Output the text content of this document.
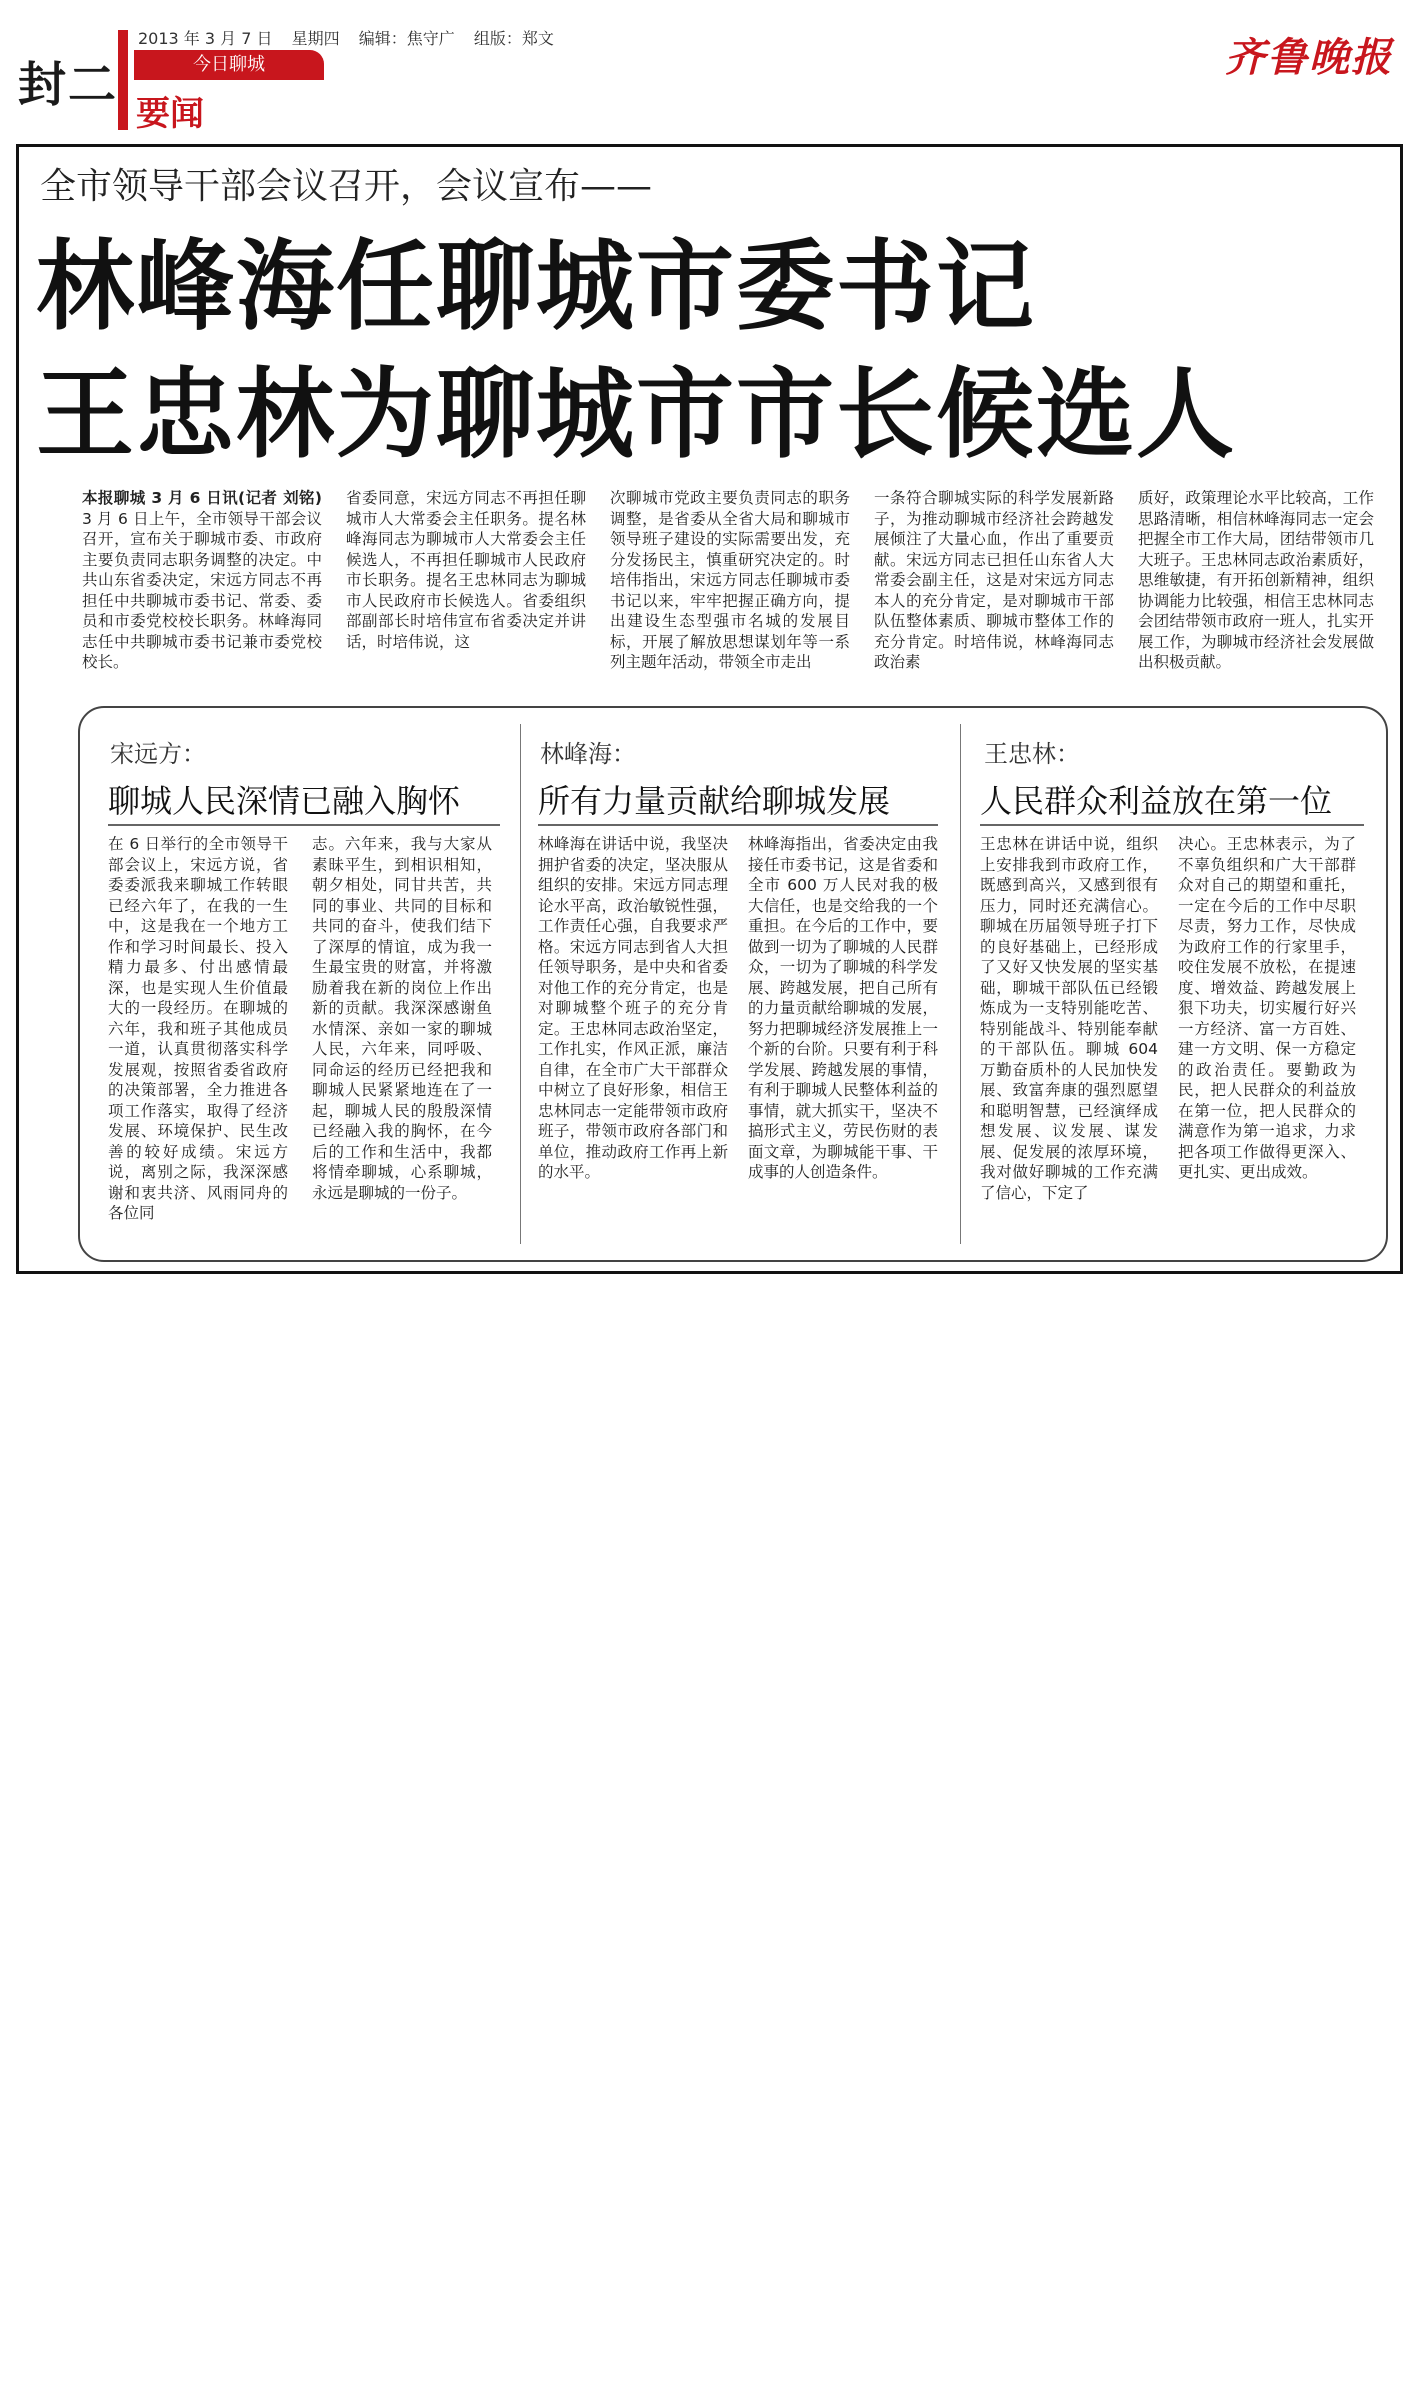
封二
2013 年 3 月 7 日 星期四 编辑：焦守广 组版：郑文
今日聊城
要闻
齐鲁晚报
全市领导干部会议召开，会议宣布——
林峰海任聊城市委书记
王忠林为聊城市市长候选人
本报聊城 3 月 6 日讯(记者 刘铭) 3 月 6 日上午，全市领导干部会议召开，宣布关于聊城市委、市政府主要负责同志职务调整的决定。中共山东省委决定，宋远方同志不再担任中共聊城市委书记、常委、委员和市委党校校长职务。林峰海同志任中共聊城市委书记兼市委党校校长。
省委同意，宋远方同志不再担任聊城市人大常委会主任职务。提名林峰海同志为聊城市人大常委会主任候选人，不再担任聊城市人民政府市长职务。提名王忠林同志为聊城市人民政府市长候选人。省委组织部副部长时培伟宣布省委决定并讲话，时培伟说，这
次聊城市党政主要负责同志的职务调整，是省委从全省大局和聊城市领导班子建设的实际需要出发，充分发扬民主，慎重研究决定的。时培伟指出，宋远方同志任聊城市委书记以来，牢牢把握正确方向，提出建设生态型强市名城的发展目标，开展了解放思想谋划年等一系列主题年活动，带领全市走出
一条符合聊城实际的科学发展新路子，为推动聊城市经济社会跨越发展倾注了大量心血，作出了重要贡献。宋远方同志已担任山东省人大常委会副主任，这是对宋远方同志本人的充分肯定，是对聊城市干部队伍整体素质、聊城市整体工作的充分肯定。时培伟说，林峰海同志政治素
质好，政策理论水平比较高，工作思路清晰，相信林峰海同志一定会把握全市工作大局，团结带领市几大班子。王忠林同志政治素质好，思维敏捷，有开拓创新精神，组织协调能力比较强，相信王忠林同志会团结带领市政府一班人，扎实开展工作，为聊城市经济社会发展做出积极贡献。
宋远方：
聊城人民深情已融入胸怀
在 6 日举行的全市领导干部会议上，宋远方说，省委委派我来聊城工作转眼已经六年了，在我的一生中，这是我在一个地方工作和学习时间最长、投入精力最多、付出感情最深，也是实现人生价值最大的一段经历。在聊城的六年，我和班子其他成员一道，认真贯彻落实科学发展观，按照省委省政府的决策部署，全力推进各项工作落实，取得了经济发展、环境保护、民生改善的较好成绩。宋远方说，离别之际，我深深感谢和衷共济、风雨同舟的各位同
志。六年来，我与大家从素昧平生，到相识相知，朝夕相处，同甘共苦，共同的事业、共同的目标和共同的奋斗，使我们结下了深厚的情谊，成为我一生最宝贵的财富，并将激励着我在新的岗位上作出新的贡献。我深深感谢鱼水情深、亲如一家的聊城人民，六年来，同呼吸、同命运的经历已经把我和聊城人民紧紧地连在了一起，聊城人民的殷殷深情已经融入我的胸怀，在今后的工作和生活中，我都将情牵聊城，心系聊城，永远是聊城的一份子。
林峰海：
所有力量贡献给聊城发展
林峰海在讲话中说，我坚决拥护省委的决定，坚决服从组织的安排。宋远方同志理论水平高，政治敏锐性强，工作责任心强，自我要求严格。宋远方同志到省人大担任领导职务，是中央和省委对他工作的充分肯定，也是对聊城整个班子的充分肯定。王忠林同志政治坚定，工作扎实，作风正派，廉洁自律，在全市广大干部群众中树立了良好形象，相信王忠林同志一定能带领市政府班子，带领市政府各部门和单位，推动政府工作再上新的水平。
林峰海指出，省委决定由我接任市委书记，这是省委和全市 600 万人民对我的极大信任，也是交给我的一个重担。在今后的工作中，要做到一切为了聊城的人民群众，一切为了聊城的科学发展、跨越发展，把自己所有的力量贡献给聊城的发展，努力把聊城经济发展推上一个新的台阶。只要有利于科学发展、跨越发展的事情，有利于聊城人民整体利益的事情，就大抓实干，坚决不搞形式主义，劳民伤财的表面文章，为聊城能干事、干成事的人创造条件。
王忠林：
人民群众利益放在第一位
王忠林在讲话中说，组织上安排我到市政府工作，既感到高兴，又感到很有压力，同时还充满信心。聊城在历届领导班子打下的良好基础上，已经形成了又好又快发展的坚实基础，聊城干部队伍已经锻炼成为一支特别能吃苦、特别能战斗、特别能奉献的干部队伍。聊城 604 万勤奋质朴的人民加快发展、致富奔康的强烈愿望和聪明智慧，已经演绎成想发展、议发展、谋发展、促发展的浓厚环境，我对做好聊城的工作充满了信心，下定了
决心。王忠林表示，为了不辜负组织和广大干部群众对自己的期望和重托，一定在今后的工作中尽职尽责，努力工作，尽快成为政府工作的行家里手，咬住发展不放松，在提速度、增效益、跨越发展上狠下功夫，切实履行好兴一方经济、富一方百姓、建一方文明、保一方稳定的政治责任。要勤政为民，把人民群众的利益放在第一位，把人民群众的满意作为第一追求，力求把各项工作做得更深入、更扎实、更出成效。
